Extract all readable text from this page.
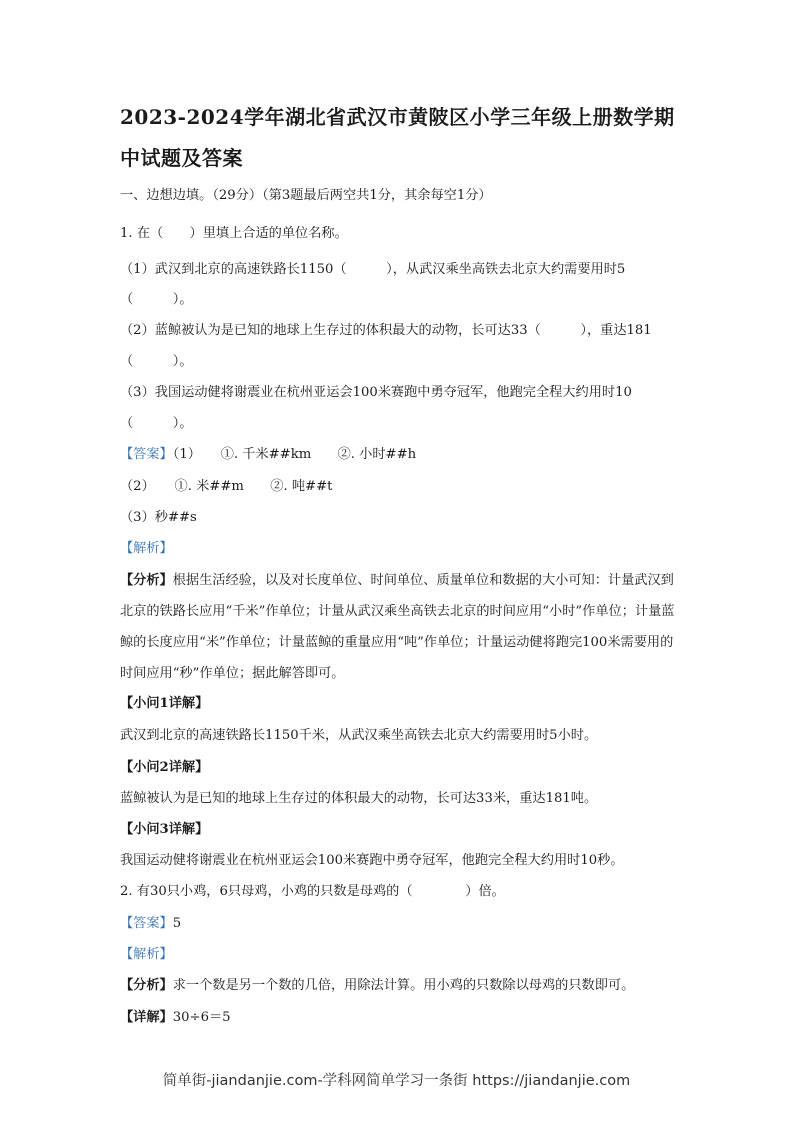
2023-2024学年湖北省武汉市黄陂区小学三年级上册数学期
中试题及答案
一、边想边填。（29分）（第3题最后两空共1分，其余每空1分）
1. 在（　　）里填上合适的单位名称。
（1）武汉到北京的高速铁路长1150（　　　），从武汉乘坐高铁去北京大约需要用时5
（　　　）。
（2）蓝鲸被认为是已知的地球上生存过的体积最大的动物，长可达33（　　　），重达181
（　　　）。
（3）我国运动健将谢震业在杭州亚运会100米赛跑中勇夺冠军，他跑完全程大约用时10
（　　　）。
【答案】（1）　　①. 千米##km　　②. 小时##h
（2）　　①. 米##m　　②. 吨##t
（3）秒##s
【解析】
【分析】根据生活经验，以及对长度单位、时间单位、质量单位和数据的大小可知：计量武汉到北京的铁路长应用“千米”作单位；计量从武汉乘坐高铁去北京的时间应用“小时”作单位；计量蓝鲸的长度应用“米”作单位；计量蓝鲸的重量应用“吨”作单位；计量运动健将跑完100米需要用的时间应用“秒”作单位；据此解答即可。
【小问1详解】
武汉到北京的高速铁路长1150千米，从武汉乘坐高铁去北京大约需要用时5小时。
【小问2详解】
蓝鲸被认为是已知的地球上生存过的体积最大的动物，长可达33米，重达181吨。
【小问3详解】
我国运动健将谢震业在杭州亚运会100米赛跑中勇夺冠军，他跑完全程大约用时10秒。
2. 有30只小鸡，6只母鸡，小鸡的只数是母鸡的（　　　　）倍。
【答案】5
【解析】
【分析】求一个数是另一个数的几倍，用除法计算。用小鸡的只数除以母鸡的只数即可。
【详解】30÷6＝5
简单街-jiandanjie.com-学科网简单学习一条街 https://jiandanjie.com
